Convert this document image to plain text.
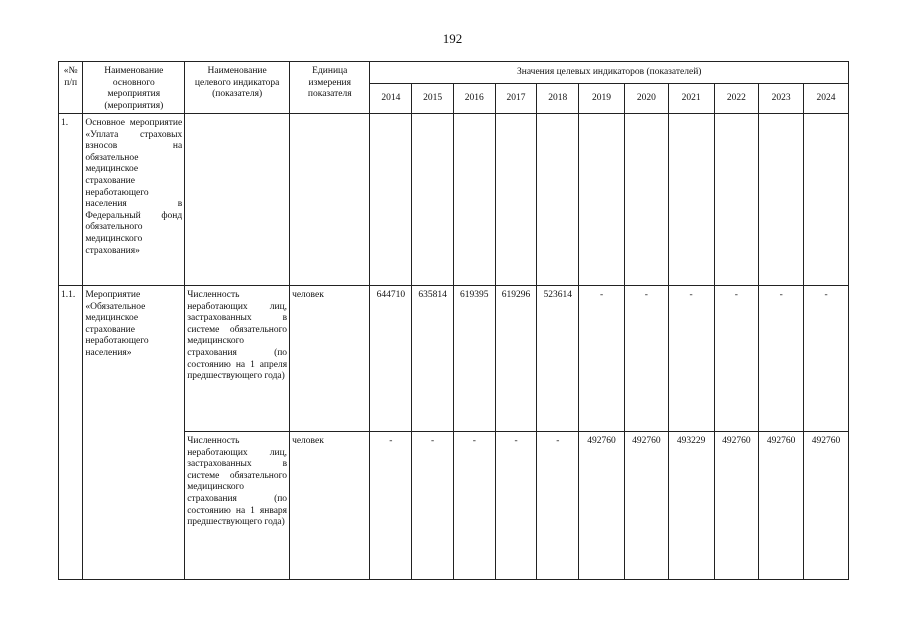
192
«№ п/п	Наименование основного мероприятия (мероприятия)	Наименование целевого индикатора (показателя)	Единица измерения показателя	Значения целевых индикаторов (показателей)										
				2014	2015	2016	2017	2018	2019	2020	2021	2022	2023	2024
1.	Основное мероприятие «Уплата страховых взносов на обязательное медицинское страхование неработающего населения в Федеральный фонд обязательного медицинского страхования»													
1.1.	Мероприятие «Обязательное медицинское страхование неработающего населения»	Численность неработающих лиц, застрахованных в системе обязательного медицинского страхования (по состоянию на 1 апреля предшествующего года)	человек	644710	635814	619395	619296	523614	-	-	-	-	-	-
		Численность неработающих лиц, застрахованных в системе обязательного медицинского страхования (по состоянию на 1 января предшествующего года)	человек	-	-	-	-	-	492760	492760	493229	492760	492760	492760
